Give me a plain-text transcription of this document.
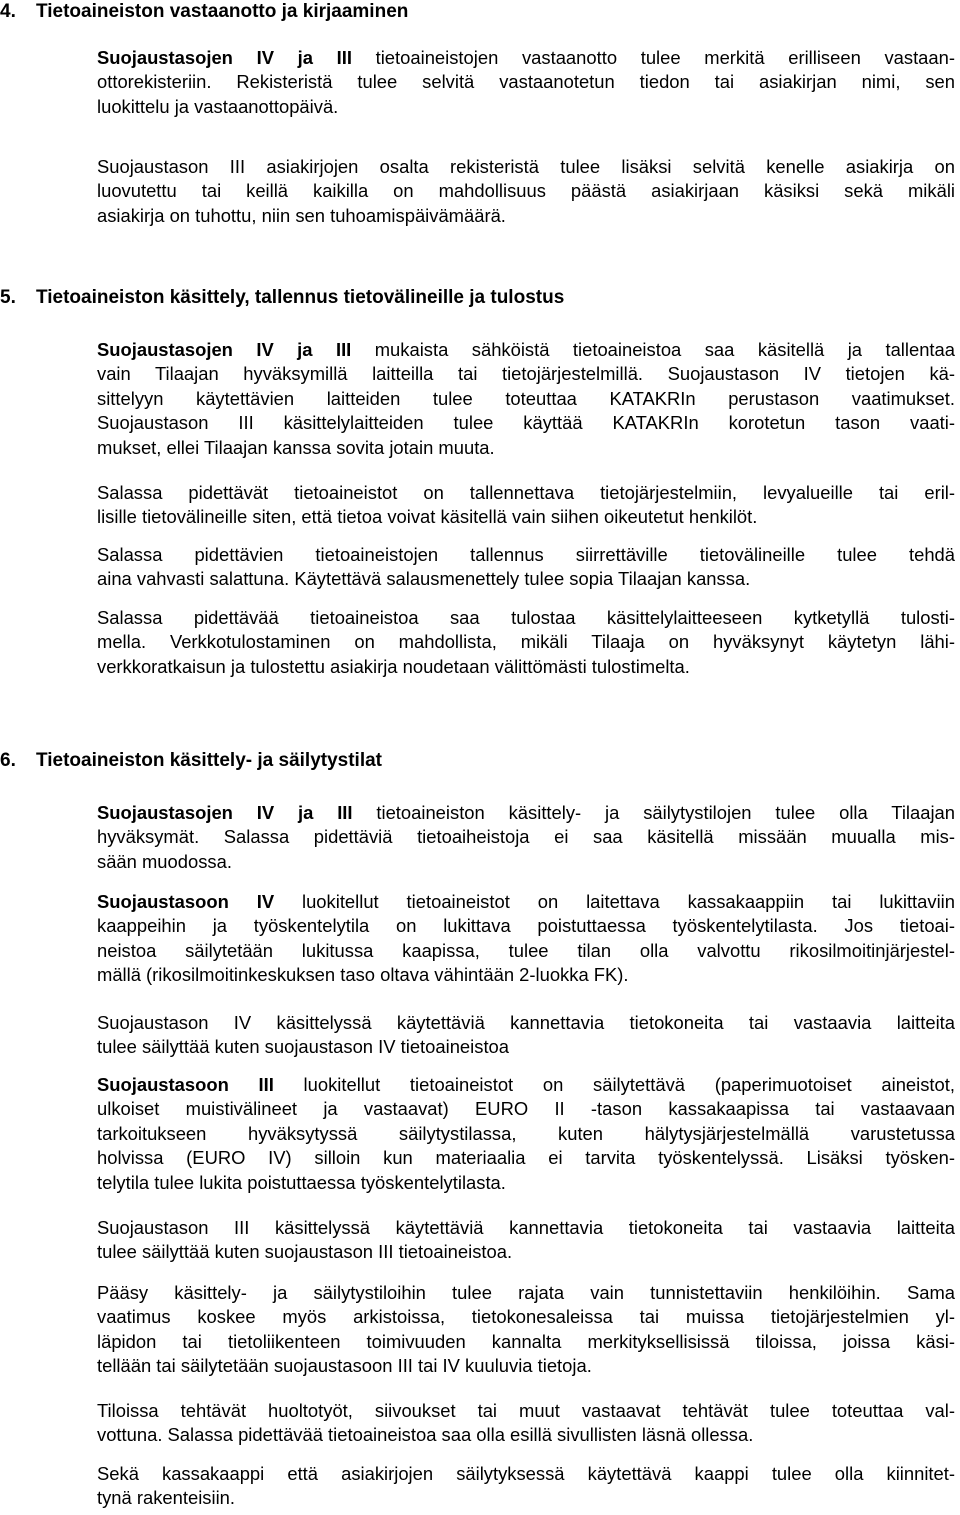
4. Tietoaineiston vastaanotto ja kirjaaminen
Suojaustasojen IV ja III tietoaineistojen vastaanotto tulee merkitä erilliseen vastaan-
ottorekisteriin. Rekisteristä tulee selvitä vastaanotetun tiedon tai asiakirjan nimi, sen
luokittelu ja vastaanottopäivä.
Suojaustason III asiakirjojen osalta rekisteristä tulee lisäksi selvitä kenelle asiakirja on
luovutettu tai keillä kaikilla on mahdollisuus päästä asiakirjaan käsiksi sekä mikäli
asiakirja on tuhottu, niin sen tuhoamispäivämäärä.
5. Tietoaineiston käsittely, tallennus tietovälineille ja tulostus
Suojaustasojen IV ja III mukaista sähköistä tietoaineistoa saa käsitellä ja tallentaa
vain Tilaajan hyväksymillä laitteilla tai tietojärjestelmillä. Suojaustason IV tietojen kä-
sittelyyn käytettävien laitteiden tulee toteuttaa KATAKRIn perustason vaatimukset.
Suojaustason III käsittelylaitteiden tulee käyttää KATAKRIn korotetun tason vaati-
mukset, ellei Tilaajan kanssa sovita jotain muuta.
Salassa pidettävät tietoaineistot on tallennettava tietojärjestelmiin, levyalueille tai eril-
lisille tietovälineille siten, että tietoa voivat käsitellä vain siihen oikeutetut henkilöt.
Salassa pidettävien tietoaineistojen tallennus siirrettäville tietovälineille tulee tehdä
aina vahvasti salattuna. Käytettävä salausmenettely tulee sopia Tilaajan kanssa.
Salassa pidettävää tietoaineistoa saa tulostaa käsittelylaitteeseen kytketyllä tulosti-
mella. Verkkotulostaminen on mahdollista, mikäli Tilaaja on hyväksynyt käytetyn lähi-
verkkoratkaisun ja tulostettu asiakirja noudetaan välittömästi tulostimelta.
6. Tietoaineiston käsittely- ja säilytystilat
Suojaustasojen IV ja III tietoaineiston käsittely- ja säilytystilojen tulee olla Tilaajan
hyväksymät. Salassa pidettäviä tietoaiheistoja ei saa käsitellä missään muualla mis-
sään muodossa.
Suojaustasoon IV luokitellut tietoaineistot on laitettava kassakaappiin tai lukittaviin
kaappeihin ja työskentelytila on lukittava poistuttaessa työskentelytilasta. Jos tietoai-
neistoa säilytetään lukitussa kaapissa, tulee tilan olla valvottu rikosilmoitinjärjestel-
mällä (rikosilmoitinkeskuksen taso oltava vähintään 2-luokka FK).
Suojaustason IV käsittelyssä käytettäviä kannettavia tietokoneita tai vastaavia laitteita
tulee säilyttää kuten suojaustason IV tietoaineistoa
Suojaustasoon III luokitellut tietoaineistot on säilytettävä (paperimuotoiset aineistot,
ulkoiset muistivälineet ja vastaavat) EURO II -tason kassakaapissa tai vastaavaan
tarkoitukseen hyväksytyssä säilytystilassa, kuten hälytysjärjestelmällä varustetussa
holvissa (EURO IV) silloin kun materiaalia ei tarvita työskentelyssä. Lisäksi työsken-
telytila tulee lukita poistuttaessa työskentelytilasta.
Suojaustason III käsittelyssä käytettäviä kannettavia tietokoneita tai vastaavia laitteita
tulee säilyttää kuten suojaustason III tietoaineistoa.
Pääsy käsittely- ja säilytystiloihin tulee rajata vain tunnistettaviin henkilöihin. Sama
vaatimus koskee myös arkistoissa, tietokonesaleissa tai muissa tietojärjestelmien yl-
läpidon tai tietoliikenteen toimivuuden kannalta merkityksellisissä tiloissa, joissa käsi-
tellään tai säilytetään suojaustasoon III tai IV kuuluvia tietoja.
Tiloissa tehtävät huoltotyöt, siivoukset tai muut vastaavat tehtävät tulee toteuttaa val-
vottuna. Salassa pidettävää tietoaineistoa saa olla esillä sivullisten läsnä ollessa.
Sekä kassakaappi että asiakirjojen säilytyksessä käytettävä kaappi tulee olla kiinnitet-
tynä rakenteisiin.
